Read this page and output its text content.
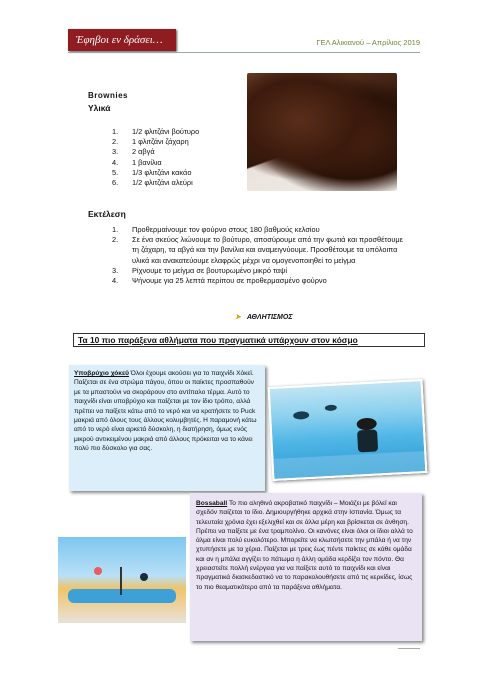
Έφηβοι εν δράσει…	ΓΕΛ Αλικιανού – Απρίλιος 2019
Brownies
Υλικά
1.	1/2 φλιτζάνι βούτυρο
2.	1 φλιτζάνι ζάχαρη
3.	2 αβγά
4.	1 βανίλια
5.	1/3 φλιτζάνι κακάο
6.	1/2 φλιτζάνι αλεύρι
Εκτέλεση
1.	Προθερμαίνουμε τον φούρνο στους 180 βαθμούς κελσίου
2.	Σε ένα σκεύος λιώνουμε το βούτυρο, αποσύρουμε από την φωτιά και προσθέτουμε τη ζάχαρη, τα αβγά και την βανίλια και αναμειγνύουμε. Προσθέτουμε τα υπόλοιπα υλικά και ανακατεύουμε ελαφρώς μέχρι να ομογενοποιηθεί το μείγμα
3.	Ρίχνουμε το μείγμα σε βουτυρωμένο μικρό ταψί
4.	Ψήνουμε για 25 λεπτά περίπου σε προθερμασμένο φούρνο
➤ ΑΘΛΗΤΙΣΜΟΣ
Τα 10 πιο παράξενα αθλήματα που πραγματικά υπάρχουν στον κόσμο
Υποβρύχιο χόκεϋ Όλοι έχουμε ακούσει για το παιχνίδι Χόκεϊ. Παίζεται σε ένα στρώμα πάγου, όπου οι παίκτες προσπαθούν με τα μπαστούνι να σκοράρουν στο αντίπαλο τέρμα. Αυτό το παιχνίδι είναι υποβρύχιο και παίζεται με τον ίδιο τρόπο, αλλά πρέπει να παίξετε κάτω από το νερό και να κρατήσετε το Puck μακριά από όλους τους άλλους κολυμβητές. Η παραμονή κάτω από το νερό είναι αρκετά δύσκολη, η διατήρηση, όμως ενός μικρού αντικειμένου μακριά από άλλους πρόκειται να το κάνει πολύ πιο δύσκολο για σας.
Bossaball Το πιο αληθινό ακροβατικό παιχνίδι – Μοιάζει με βόλεϊ και σχεδόν παίζεται το ίδιο. Δημιουργήθηκε αρχικά στην Ισπανία. Όμως τα τελευταία χρόνια έχει εξελιχθεί και σε άλλα μέρη και βρίσκεται σε άνθηση. Πρέπει να παίξετε με ένα τραμπολίνο. Οι κανόνες είναι όλοι οι ίδιοι αλλά το άλμα είναι πολύ ευκολότερο. Μπορείτε να κλωτσήσετε την μπάλα ή να την χτυπήσετε με τα χέρια. Παίζεται με τρεις έως πέντε παίκτες σε κάθε ομάδα και αν η μπάλα αγγίζει το πάτωμα η άλλη ομάδα κερδίζει τον πόντο. Θα χρειαστείτε πολλή ενέργεια για να παίξετε αυτό το παιχνίδι και είναι πραγματικά διασκεδαστικό να το παρακολουθήσετε από τις κερκίδες, ίσως το πιο θεαματικότερο από τα παράξενα αθλήματα.
